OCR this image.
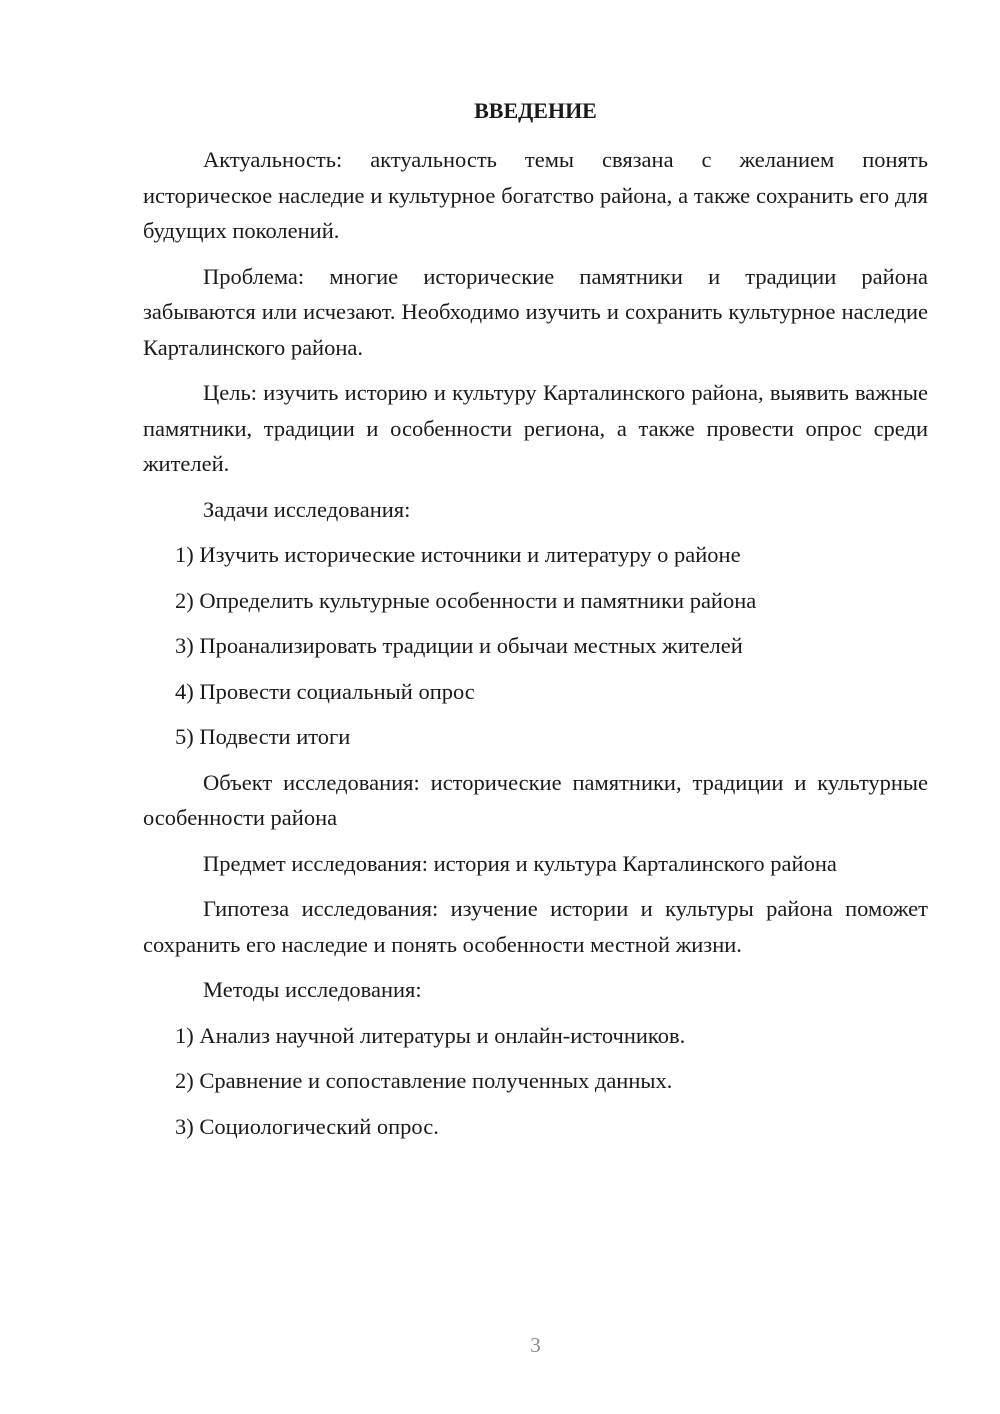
ВВЕДЕНИЕ

Актуальность: актуальность темы связана с желанием понять историческое наследие и культурное богатство района, а также сохранить его для будущих поколений.

Проблема: многие исторические памятники и традиции района забываются или исчезают. Необходимо изучить и сохранить культурное наследие Карталинского района.

Цель: изучить историю и культуру Карталинского района, выявить важные памятники, традиции и особенности региона, а также провести опрос среди жителей.

Задачи исследования:

1) Изучить исторические источники и литературу о районе
2) Определить культурные особенности и памятники района
3) Проанализировать традиции и обычаи местных жителей
4) Провести социальный опрос
5) Подвести итоги

Объект исследования: исторические памятники, традиции и культурные особенности района

Предмет исследования: история и культура Карталинского района

Гипотеза исследования: изучение истории и культуры района поможет сохранить его наследие и понять особенности местной жизни.

Методы исследования:

1) Анализ научной литературы и онлайн-источников.
2) Сравнение и сопоставление полученных данных.
3) Социологический опрос.
3
